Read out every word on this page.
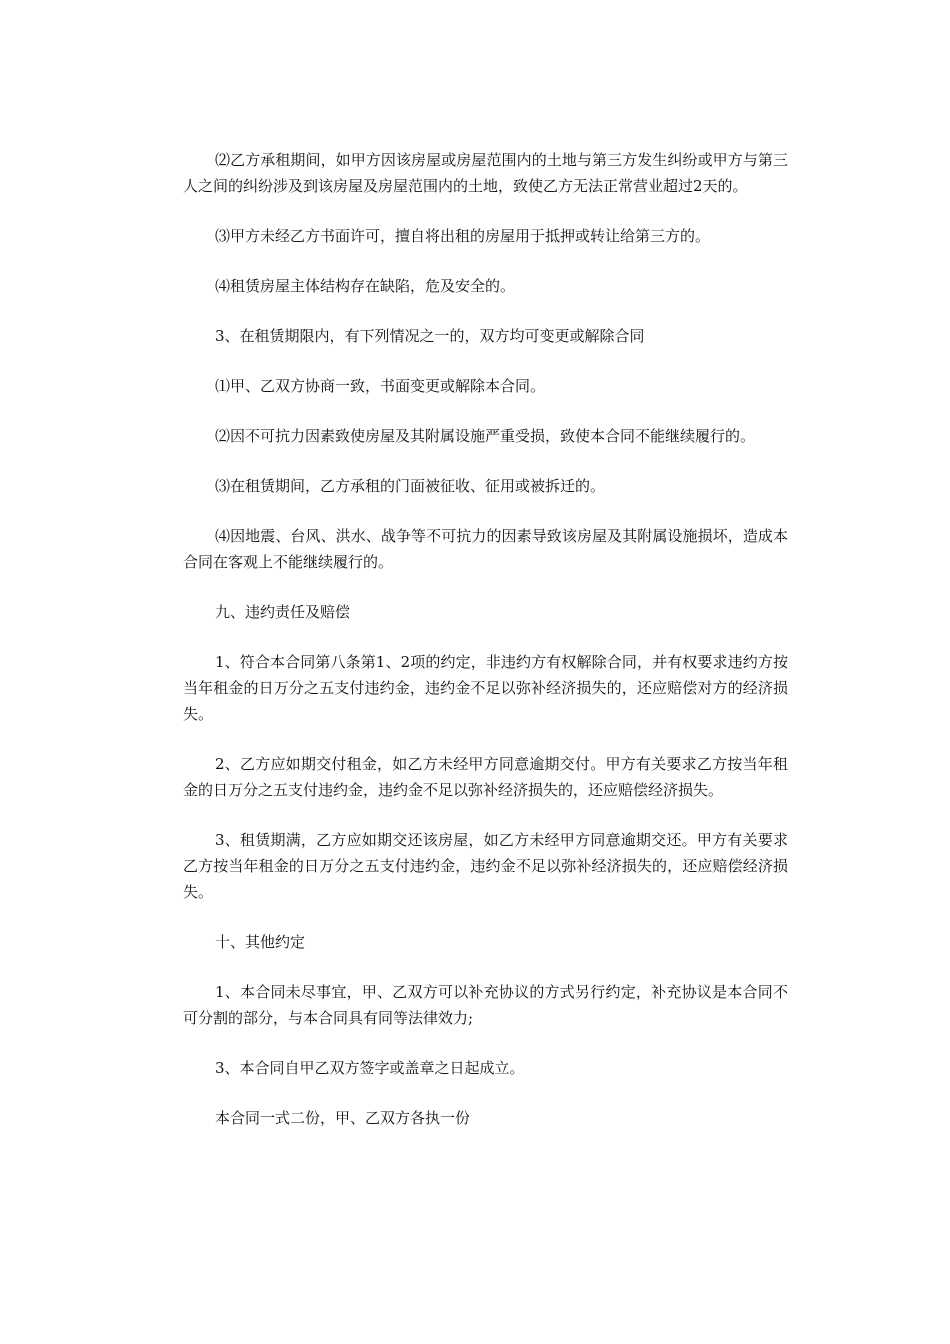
⑵乙方承租期间，如甲方因该房屋或房屋范围内的土地与第三方发生纠纷或甲方与第三人之间的纠纷涉及到该房屋及房屋范围内的土地，致使乙方无法正常营业超过2天的。

⑶甲方未经乙方书面许可，擅自将出租的房屋用于抵押或转让给第三方的。

⑷租赁房屋主体结构存在缺陷，危及安全的。

3、在租赁期限内，有下列情况之一的，双方均可变更或解除合同

⑴甲、乙双方协商一致，书面变更或解除本合同。

⑵因不可抗力因素致使房屋及其附属设施严重受损，致使本合同不能继续履行的。

⑶在租赁期间，乙方承租的门面被征收、征用或被拆迁的。

⑷因地震、台风、洪水、战争等不可抗力的因素导致该房屋及其附属设施损坏，造成本合同在客观上不能继续履行的。

九、违约责任及赔偿

1、符合本合同第八条第1、2项的约定，非违约方有权解除合同，并有权要求违约方按当年租金的日万分之五支付违约金，违约金不足以弥补经济损失的，还应赔偿对方的经济损失。

2、乙方应如期交付租金，如乙方未经甲方同意逾期交付。甲方有关要求乙方按当年租金的日万分之五支付违约金，违约金不足以弥补经济损失的，还应赔偿经济损失。

3、租赁期满，乙方应如期交还该房屋，如乙方未经甲方同意逾期交还。甲方有关要求乙方按当年租金的日万分之五支付违约金，违约金不足以弥补经济损失的，还应赔偿经济损失。

十、其他约定

1、本合同未尽事宜，甲、乙双方可以补充协议的方式另行约定，补充协议是本合同不可分割的部分，与本合同具有同等法律效力;

3、本合同自甲乙双方签字或盖章之日起成立。

本合同一式二份，甲、乙双方各执一份
